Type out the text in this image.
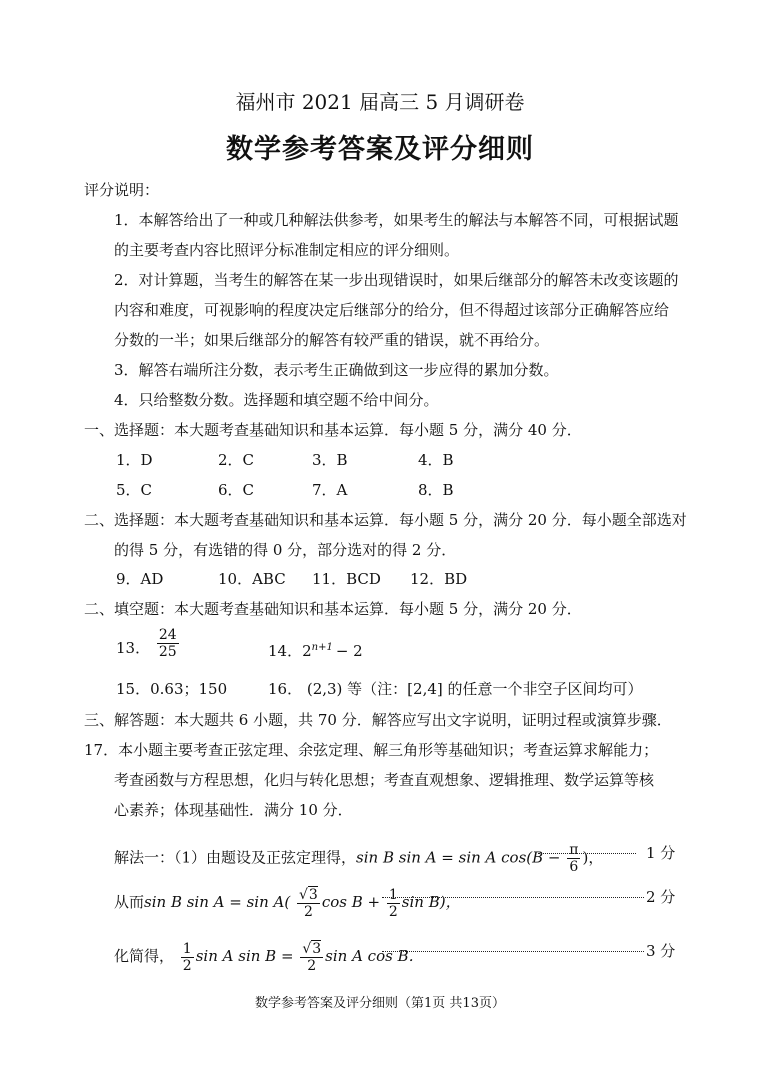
福州市 2021 届高三 5 月调研卷
数学参考答案及评分细则
评分说明：
1．本解答给出了一种或几种解法供参考，如果考生的解法与本解答不同，可根据试题
的主要考查内容比照评分标准制定相应的评分细则。
2．对计算题，当考生的解答在某一步出现错误时，如果后继部分的解答未改变该题的
内容和难度，可视影响的程度决定后继部分的给分，但不得超过该部分正确解答应给
分数的一半；如果后继部分的解答有较严重的错误，就不再给分。
3．解答右端所注分数，表示考生正确做到这一步应得的累加分数。
4．只给整数分数。选择题和填空题不给中间分。
一、选择题：本大题考查基础知识和基本运算．每小题 5 分，满分 40 分．
1．D	2．C	3．B	4．B
5．C	6．C	7．A	8．B
二、选择题：本大题考查基础知识和基本运算．每小题 5 分，满分 20 分．每小题全部选对
的得 5 分，有选错的得 0 分，部分选对的得 2 分．
9．AD	10．ABC 11．BCD 12．BD
二、填空题：本大题考查基础知识和基本运算．每小题 5 分，满分 20 分．
13． $\frac{24}{25}$	14．$2^{n+1} - 2$
15．0.63；150	16． (2,3) 等（注：[2,4] 的任意一个非空子区间均可）
三、解答题：本大题共 6 小题，共 70 分．解答应写出文字说明，证明过程或演算步骤．
17．本小题主要考查正弦定理、余弦定理、解三角形等基础知识；考查运算求解能力；
考查函数与方程思想，化归与转化思想；考查直观想象、逻辑推理、数学运算等核
心素养；体现基础性．满分 10 分．
解法一：（1）由题设及正弦定理得，sin B sin A = sin A $\cos(B - \frac{\pi}{6}$ )，	1 分
从而sin B $\sin A = \sin A( \frac{√3}{2}$ $\cos B + \frac{1}{2}$ sin B)，	2 分
化简得， $\frac{1}{2}$ sin A $\sin B = \frac{√3}{2}$ sin A cos B．	3 分
数学参考答案及评分细则（第1页 共13页）
